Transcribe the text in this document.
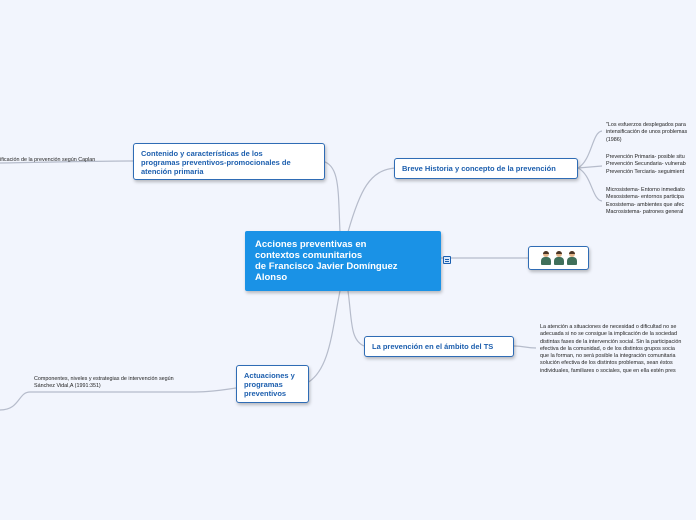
Acciones preventivas en
contextos comunitarios
de Francisco Javier Domínguez
Alonso
Contenido y características de los
programas preventivos-promocionales de
atención primaria	Breve Historia y concepto de la prevención
La prevención en el ámbito del TS
Actuaciones y
programas
preventivos
ificación de la prevención según Caplan
Componentes, niveles y estrategias de intervención según
Sánchez Vidal,A (1991:351)
"Los esfuerzos desplegados para
intensificación de unos problemas
(1986)
Prevención Primaria- posible situ
Prevención Secundaria- vulnerab
Prevención Terciaria- seguimient
Microsistema- Entorno inmediato
Mesosistema- entornos participa
Exosistema- ambientes que afec
Macrosistema- patrones general
La atención a situaciones de necesidad o dificultad no se
adecuada si no se consigue la implicación de la sociedad
distintas fases de la intervención social. Sin la participación
efectiva de la comunidad, o de los distintos grupos socia
que la forman, no será posible la integración comunitaria
solución efectiva de los distintos problemas, sean éstos
individuales, familiares o sociales, que en ella estén pres
